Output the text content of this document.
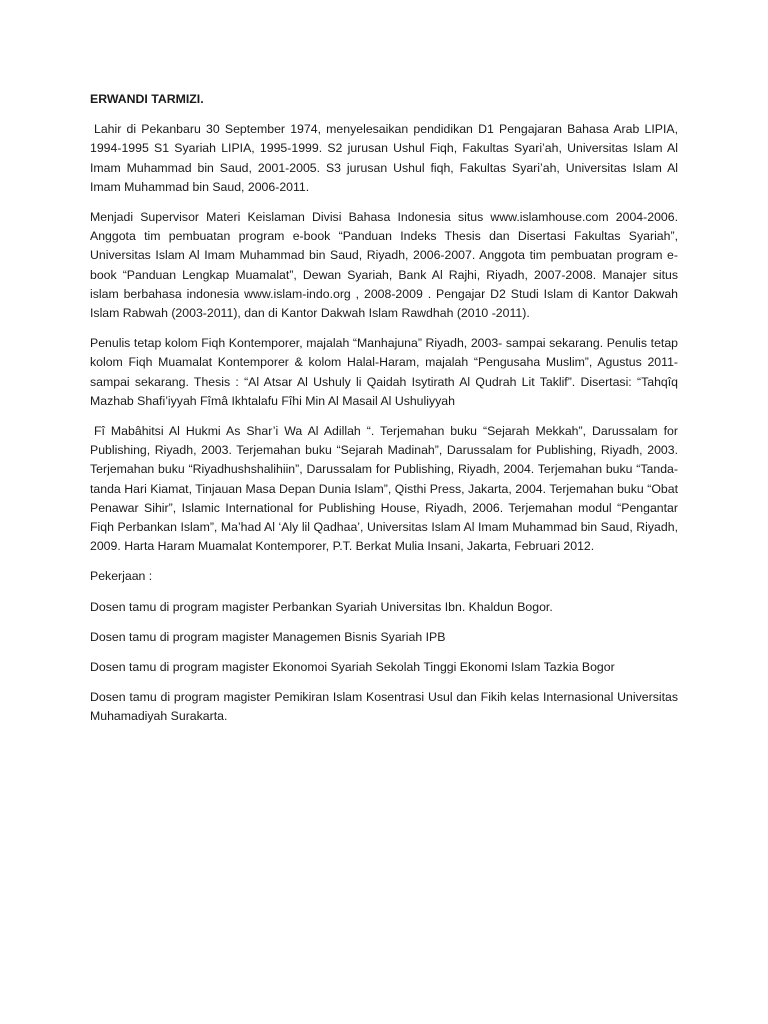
ERWANDI TARMIZI.

Lahir di Pekanbaru 30 September 1974, menyelesaikan pendidikan D1 Pengajaran Bahasa Arab LIPIA, 1994-1995 S1 Syariah LIPIA, 1995-1999. S2 jurusan Ushul Fiqh, Fakultas Syari’ah, Universitas Islam Al Imam Muhammad bin Saud, 2001-2005. S3 jurusan Ushul fiqh, Fakultas Syari’ah, Universitas Islam Al Imam Muhammad bin Saud, 2006-2011.

Menjadi Supervisor Materi Keislaman Divisi Bahasa Indonesia situs www.islamhouse.com 2004-2006. Anggota tim pembuatan program e-book “Panduan Indeks Thesis dan Disertasi Fakultas Syariah”, Universitas Islam Al Imam Muhammad bin Saud, Riyadh, 2006-2007. Anggota tim pembuatan program e-book “Panduan Lengkap Muamalat”, Dewan Syariah, Bank Al Rajhi, Riyadh, 2007-2008. Manajer situs islam berbahasa indonesia www.islam-indo.org , 2008-2009 . Pengajar D2 Studi Islam di Kantor Dakwah Islam Rabwah (2003-2011), dan di Kantor Dakwah Islam Rawdhah (2010 -2011).

Penulis tetap kolom Fiqh Kontemporer, majalah “Manhajuna” Riyadh, 2003- sampai sekarang. Penulis tetap kolom Fiqh Muamalat Kontemporer & kolom Halal-Haram, majalah “Pengusaha Muslim”, Agustus 2011- sampai sekarang. Thesis : “Al Atsar Al Ushuly li Qaidah Isytirath Al Qudrah Lit Taklif”. Disertasi: “Tahqîq Mazhab Shafi’iyyah Fîmâ Ikhtalafu Fîhi Min Al Masail Al Ushuliyyah

Fî Mabâhitsi Al Hukmi As Shar’i Wa Al Adillah “. Terjemahan buku “Sejarah Mekkah”, Darussalam for Publishing, Riyadh, 2003. Terjemahan buku “Sejarah Madinah”, Darussalam for Publishing, Riyadh, 2003. Terjemahan buku “Riyadhushshalihiin”, Darussalam for Publishing, Riyadh, 2004. Terjemahan buku “Tanda-tanda Hari Kiamat, Tinjauan Masa Depan Dunia Islam”, Qisthi Press, Jakarta, 2004. Terjemahan buku “Obat Penawar Sihir”, Islamic International for Publishing House, Riyadh, 2006. Terjemahan modul “Pengantar Fiqh Perbankan Islam”, Ma’had Al ‘Aly lil Qadhaa’, Universitas Islam Al Imam Muhammad bin Saud, Riyadh, 2009. Harta Haram Muamalat Kontemporer, P.T. Berkat Mulia Insani, Jakarta, Februari 2012.

Pekerjaan :

Dosen tamu di program magister Perbankan Syariah Universitas Ibn. Khaldun Bogor.

Dosen tamu di program magister Managemen Bisnis Syariah IPB

Dosen tamu di program magister Ekonomoi Syariah Sekolah Tinggi Ekonomi Islam Tazkia Bogor

Dosen tamu di program magister Pemikiran Islam Kosentrasi Usul dan Fikih kelas Internasional Universitas Muhamadiyah Surakarta.
